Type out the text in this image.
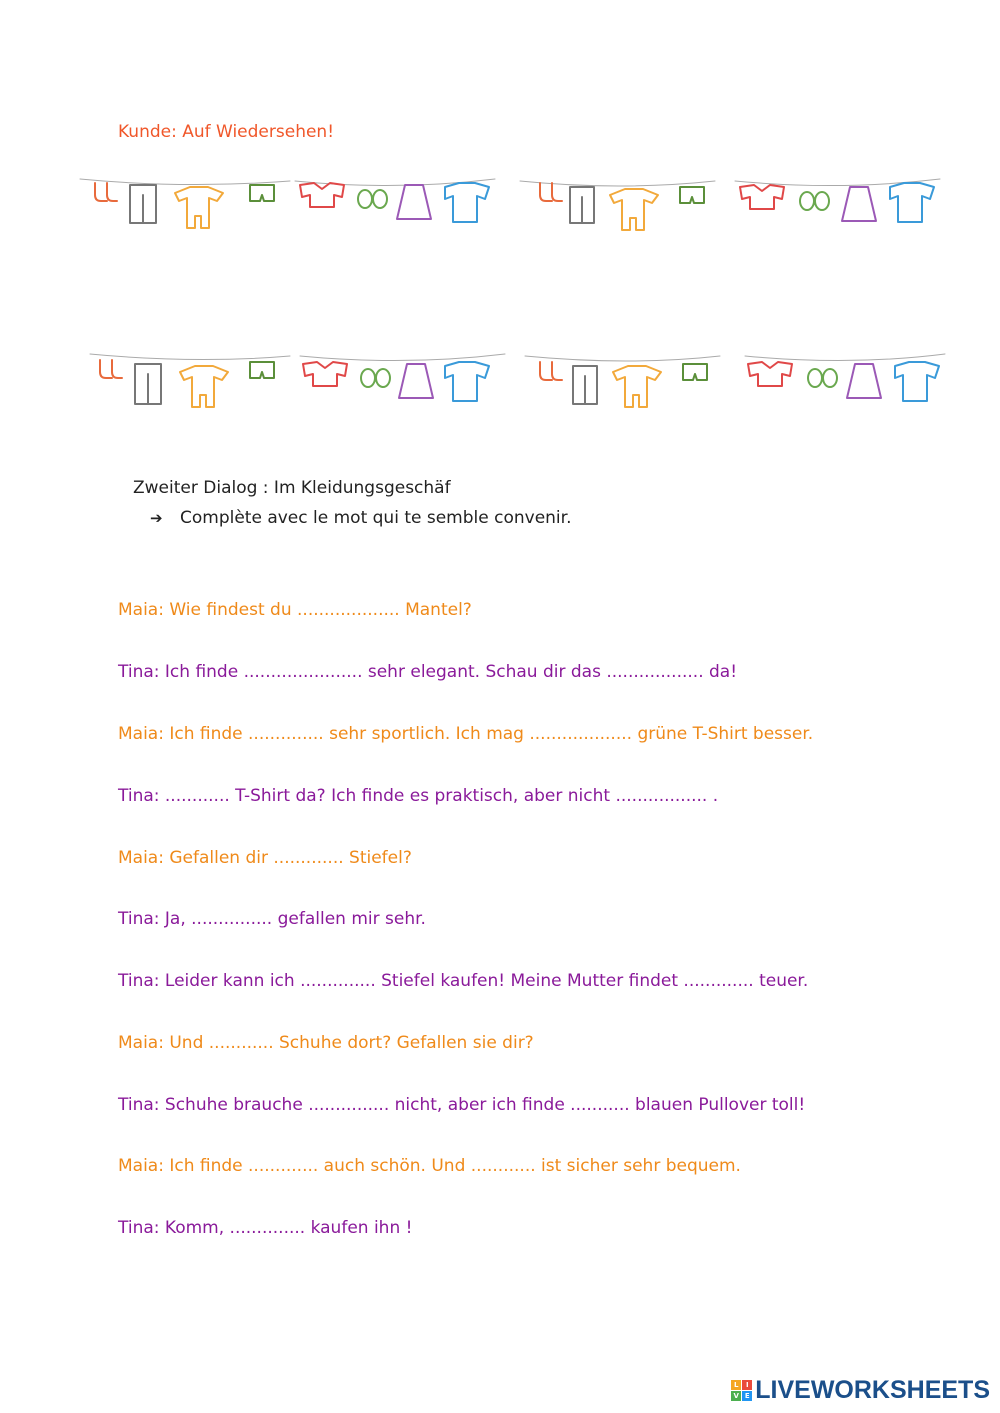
Kunde: Auf Wiedersehen!
Zweiter Dialog : Im Kleidungsgeschäf
➔	Complète avec le mot qui te semble convenir.
Maia: Wie findest du ................... Mantel?
Tina: Ich finde ...................... sehr elegant. Schau dir das .................. da!
Maia: Ich finde .............. sehr sportlich. Ich mag ................... grüne T-Shirt besser.
Tina: ............ T-Shirt da? Ich finde es praktisch, aber nicht ................. .
Maia: Gefallen dir ............. Stiefel?
Tina: Ja, ............... gefallen mir sehr.
Tina: Leider kann ich .............. Stiefel kaufen! Meine Mutter findet ............. teuer.
Maia: Und ............ Schuhe dort? Gefallen sie dir?
Tina: Schuhe brauche ............... nicht, aber ich finde ........... blauen Pullover toll!
Maia: Ich finde ............. auch schön. Und ............ ist sicher sehr bequem.
Tina: Komm, .............. kaufen ihn !
L	I
V E LIVEWORKSHEETS
